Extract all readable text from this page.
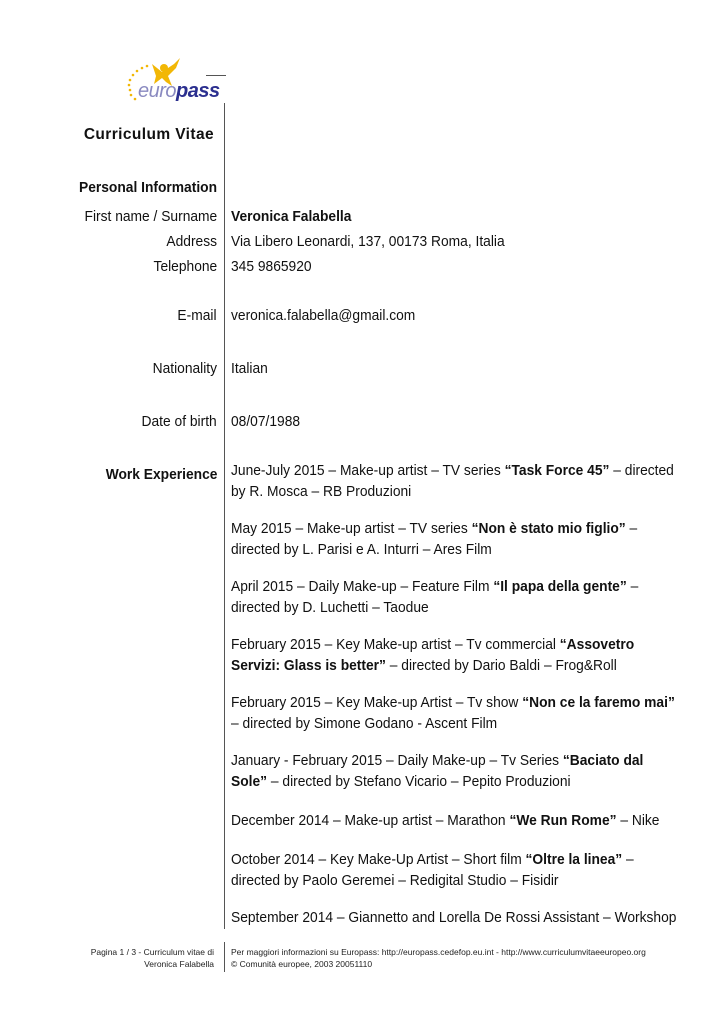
europass
Curriculum Vitae
Personal Information
First name / Surname Veronica Falabella
Address Via Libero Leonardi, 137, 00173 Roma, Italia
Telephone 345 9865920
E-mail veronica.falabella@gmail.com
Nationality Italian
Date of birth 08/07/1988
Work Experience June-July 2015 – Make-up artist – TV series “Task Force 45” – directed
by R. Mosca – RB Produzioni
May 2015 – Make-up artist – TV series “Non è stato mio figlio” –
directed by L. Parisi e A. Inturri – Ares Film
April 2015 – Daily Make-up – Feature Film “Il papa della gente” –
directed by D. Luchetti – Taodue
February 2015 – Key Make-up artist – Tv commercial “Assovetro
Servizi: Glass is better” – directed by Dario Baldi – Frog&Roll
February 2015 – Key Make-up Artist – Tv show “Non ce la faremo mai”
– directed by Simone Godano - Ascent Film
January - February 2015 – Daily Make-up – Tv Series “Baciato dal
Sole” – directed by Stefano Vicario – Pepito Produzioni
December 2014 – Make-up artist – Marathon “We Run Rome” – Nike
October 2014 – Key Make-Up Artist – Short film “Oltre la linea” –
directed by Paolo Geremei – Redigital Studio – Fisidir
September 2014 – Giannetto and Lorella De Rossi Assistant – Workshop
Pagina 1 / 3 - Curriculum vitae di
Veronica Falabella
Per maggiori informazioni su Europass: http://europass.cedefop.eu.int - http://www.curriculumvitaeeuropeo.org
© Comunità europee, 2003 20051110
